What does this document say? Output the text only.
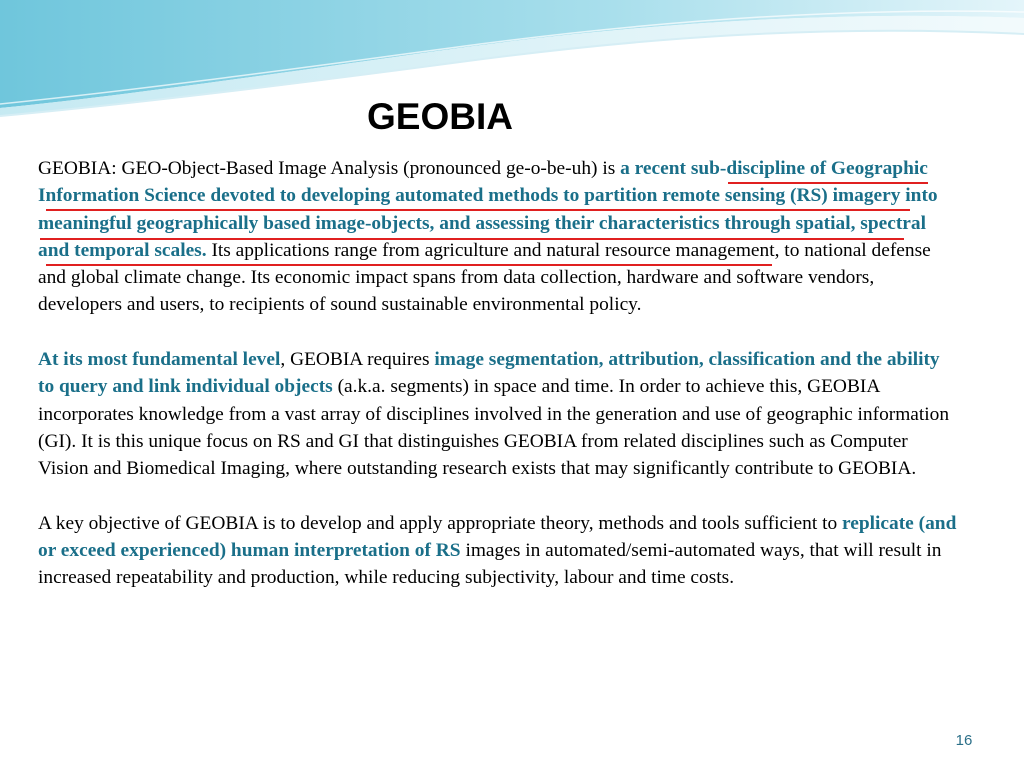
GEOBIA

GEOBIA: GEO-Object-Based Image Analysis (pronounced ge-o-be-uh) is a recent sub-discipline of Geographic Information Science devoted to developing automated methods to partition remote sensing (RS) imagery into meaningful geographically based image-objects, and assessing their characteristics through spatial, spectral and temporal scales. Its applications range from agriculture and natural resource management, to national defense and global climate change. Its economic impact spans from data collection, hardware and software vendors, developers and users, to recipients of sound sustainable environmental policy.

At its most fundamental level, GEOBIA requires image segmentation, attribution, classification and the ability to query and link individual objects (a.k.a. segments) in space and time. In order to achieve this, GEOBIA incorporates knowledge from a vast array of disciplines involved in the generation and use of geographic information (GI). It is this unique focus on RS and GI that distinguishes GEOBIA from related disciplines such as Computer Vision and Biomedical Imaging, where outstanding research exists that may significantly contribute to GEOBIA.

A key objective of GEOBIA is to develop and apply appropriate theory, methods and tools sufficient to replicate (and or exceed experienced) human interpretation of RS images in automated/semi-automated ways, that will result in increased repeatability and production, while reducing subjectivity, labour and time costs.

16
